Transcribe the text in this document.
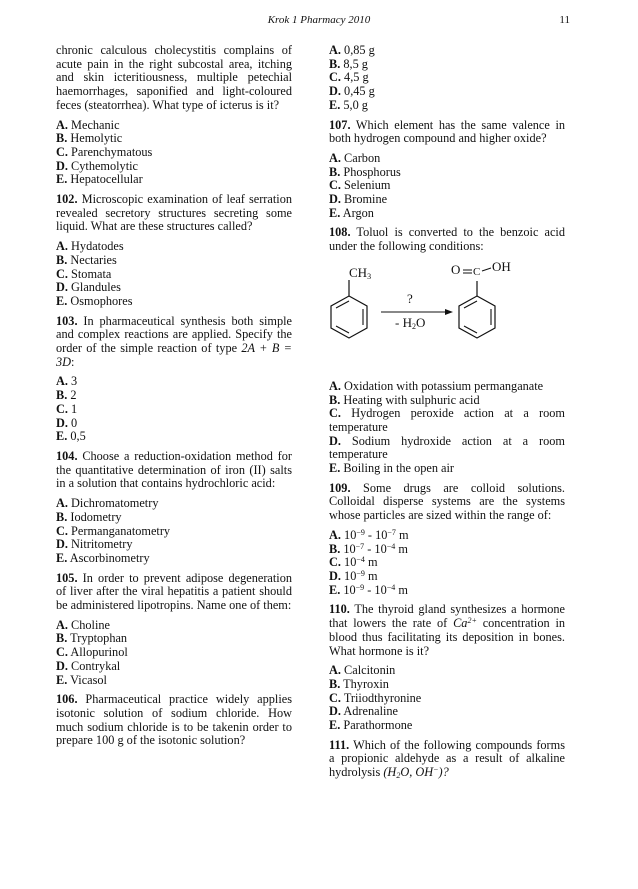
Krok 1 Pharmacy 2010	11

chronic calculous cholecystitis complains of acute pain in the right subcostal area, itching and skin icteritiousness, multiple petechial haemorrhages, saponified and light-coloured feces (steatorrhea). What type of icterus is it?

A. Mechanic
B. Hemolytic
C. Parenchymatous
D. Cythemolytic
E. Hepatocellular

102. Microscopic examination of leaf serration revealed secretory structures secreting some liquid. What are these structures called?

A. Hydatodes
B. Nectaries
C. Stomata
D. Glandules
E. Osmophores

103. In pharmaceutical synthesis both simple and complex reactions are applied. Specify the order of the simple reaction of type 2A + B = 3D:

A. 3
B. 2
C. 1
D. 0
E. 0,5

104. Choose a reduction-oxidation method for the quantitative determination of iron (II) salts in a solution that contains hydrochloric acid:

A. Dichromatometry
B. Iodometry
C. Permanganatometry
D. Nitritometry
E. Ascorbinometry

105. In order to prevent adipose degeneration of liver after the viral hepatitis a patient should be administered lipotropins. Name one of them:

A. Choline
B. Tryptophan
C. Allopurinol
D. Contrykal
E. Vicasol

106. Pharmaceutical practice widely applies isotonic solution of sodium chloride. How much sodium chloride is to be takenin order to prepare 100 g of the isotonic solution?

A. 0,85 g
B. 8,5 g
C. 4,5 g
D. 0,45 g
E. 5,0 g

107. Which element has the same valence in both hydrogen compound and higher oxide?

A. Carbon
B. Phosphorus
C. Selenium
D. Bromine
E. Argon

108. Toluol is converted to the benzoic acid under the following conditions:

$CH_3$
?
- $H_2O$
O C OH
A. Oxidation with potassium permanganate
B. Heating with sulphuric acid
C. Hydrogen peroxide action at a room temperature
D. Sodium hydroxide action at a room temperature
E. Boiling in the open air

109. Some drugs are colloid solutions. Colloidal disperse systems are the systems whose particles are sized within the range of:

A. $10^{-9} - 10^{-7}$ m
B. $10^{-7} - 10^{-4}$ m
C. $10^{-4}$ m
D. $10^{-9}$ m
E. $10^{-9} - 10^{-4}$ m

110. The thyroid gland synthesizes a hormone that lowers the rate of $Ca^{2+}$ concentration in blood thus facilitating its deposition in bones. What hormone is it?

A. Calcitonin
B. Thyroxin
C. Triiodthyronine
D. Adrenaline
E. Parathormone

111. Which of the following compounds forms a propionic aldehyde as a result of alkaline hydrolysis ($H_2O$, OH−)?
